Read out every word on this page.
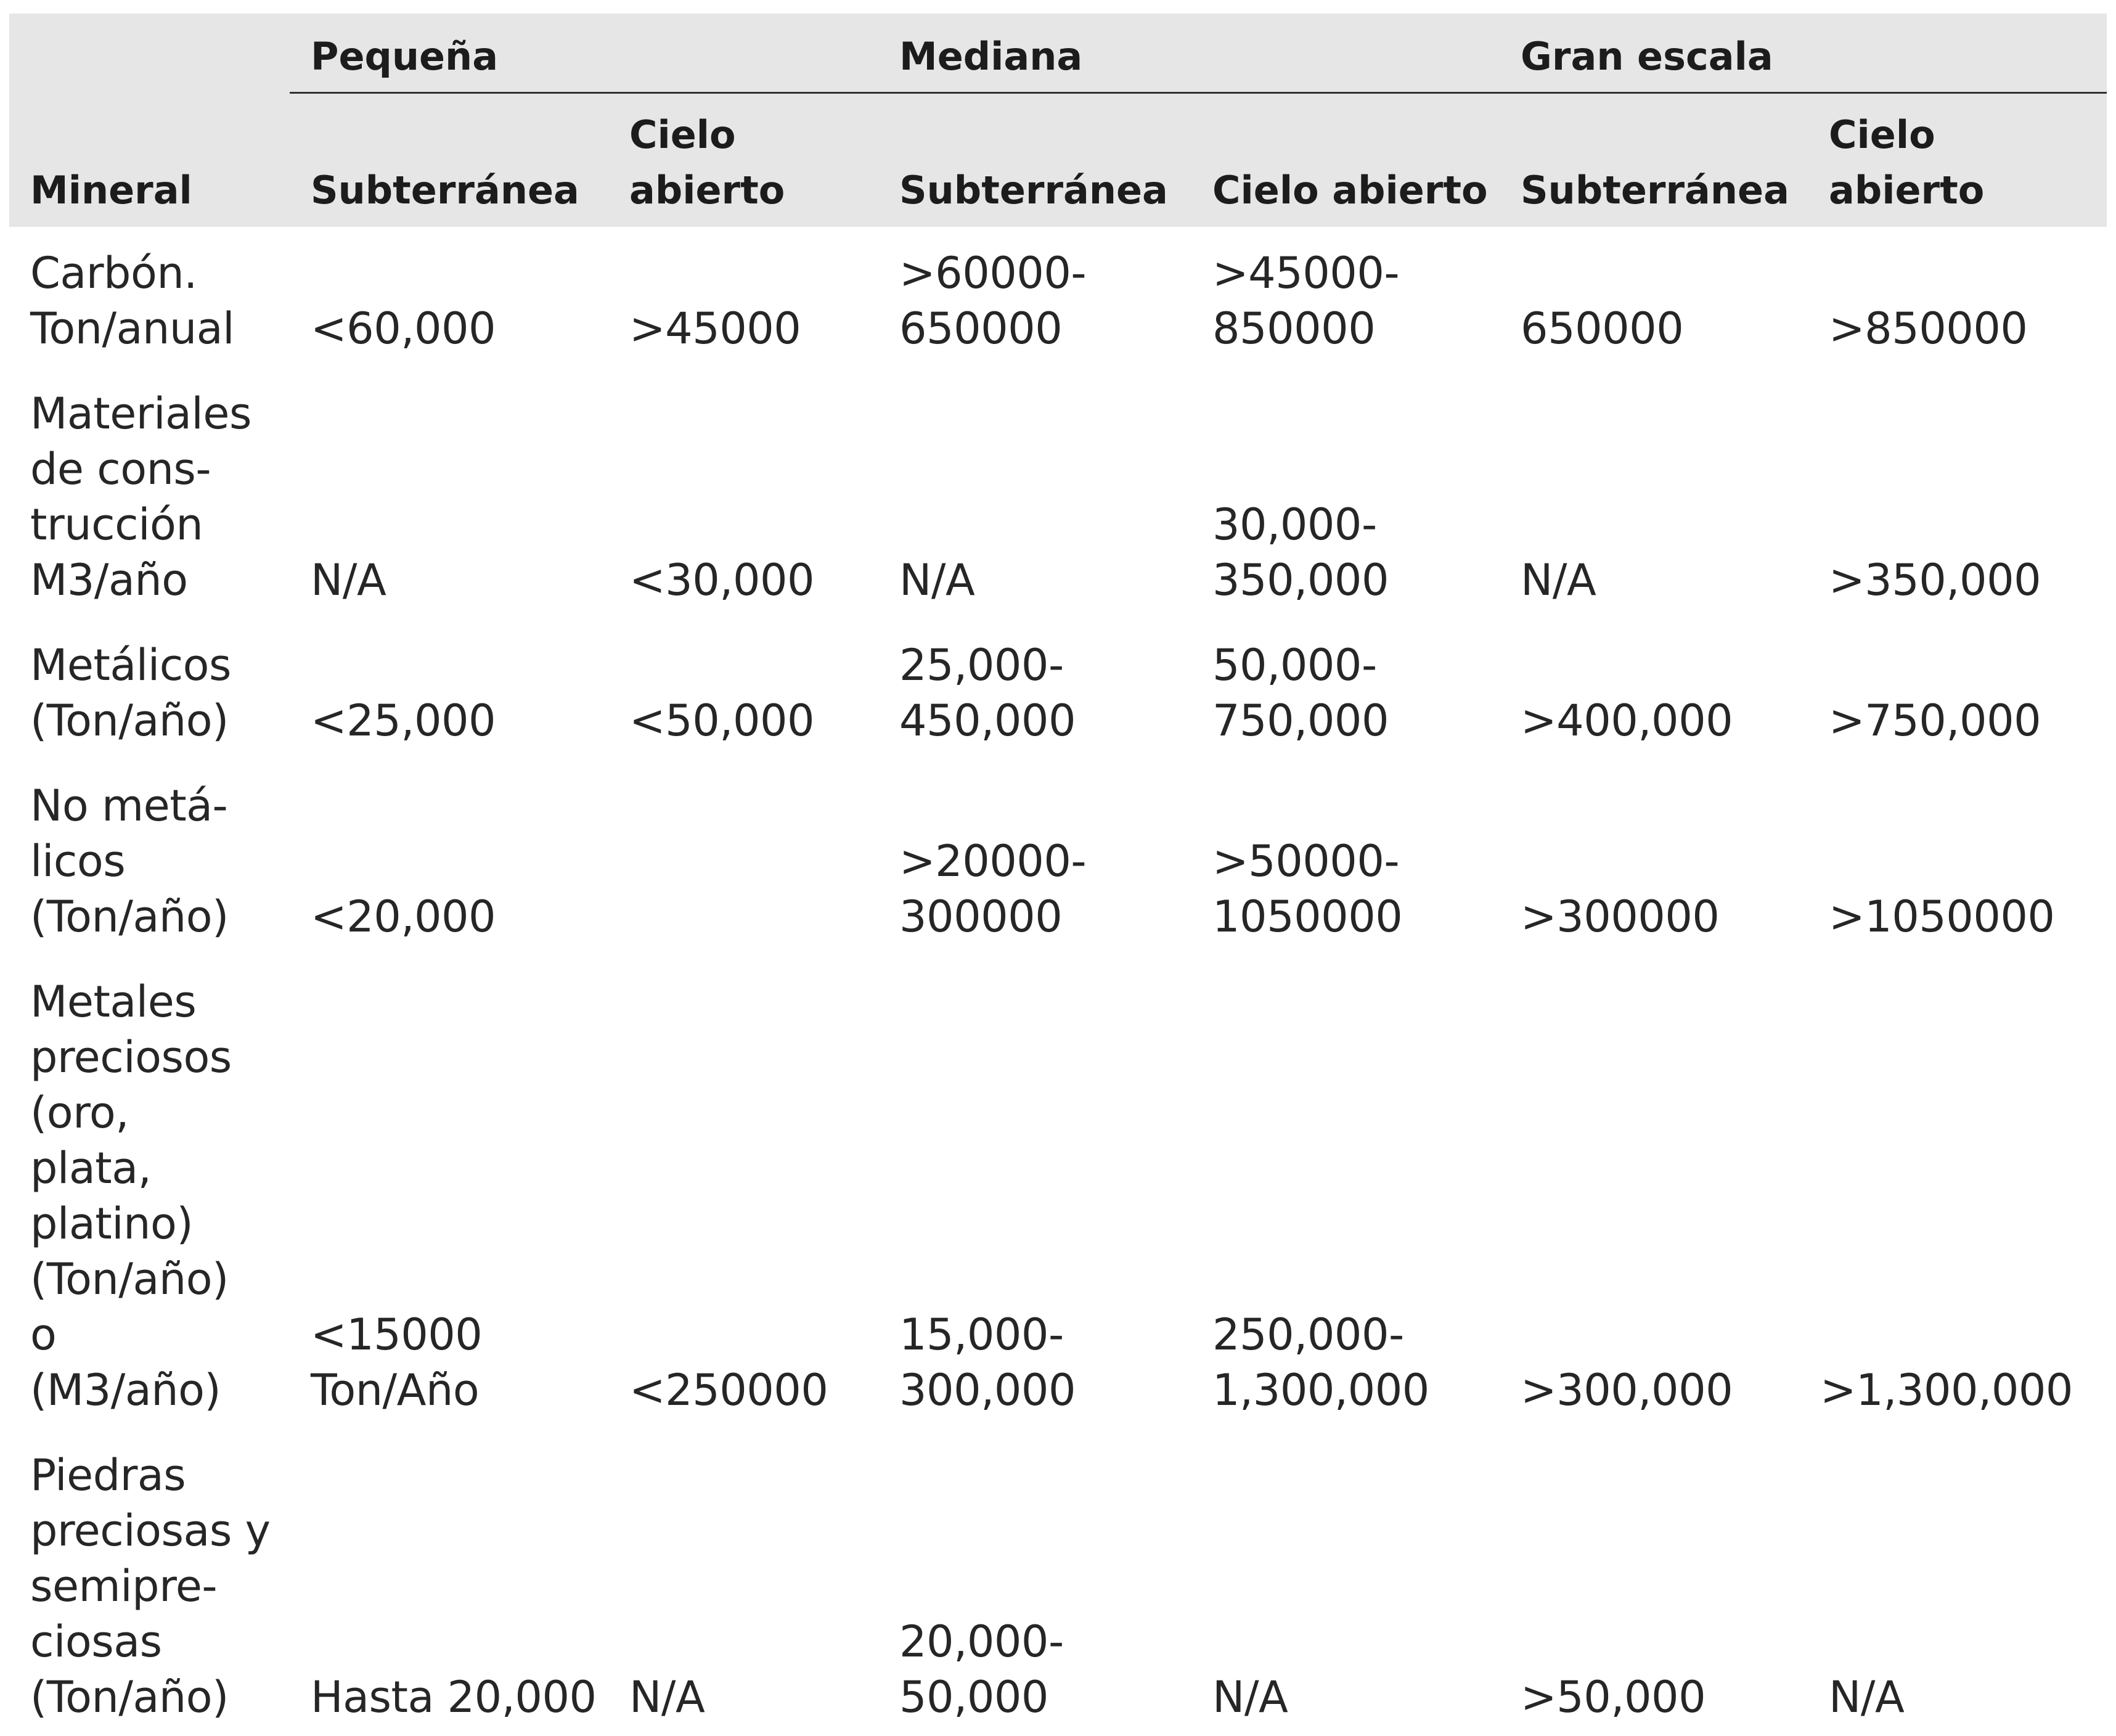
	Pequeña		Mediana		Gran escala	

Mineral	Subterránea	Cielo abierto	Subterránea	Cielo abierto	Subterránea	Cielo abierto
Carbón. Ton/anual	<60,000	>45000	>60000-650000	>45000-850000	650000	>850000
Materiales de cons-trucción M3/año	N/A	<30,000	N/A	30,000-350,000	N/A	>350,000
Metálicos (Ton/año)	<25,000	<50,000	25,000-450,000	50,000-750,000	>400,000	>750,000
No metá-licos (Ton/año)	<20,000		>20000-300000	>50000-1050000	>300000	>1050000
Metales preciosos (oro, plata, platino) (Ton/año) o (M3/año)	<15000 Ton/Año	<250000	15,000-300,000	250,000-1,300,000	>300,000	>1,300,000
Piedras preciosas y semipre-ciosas (Ton/año)	Hasta 20,000	N/A	20,000-50,000	N/A	>50,000	N/A
